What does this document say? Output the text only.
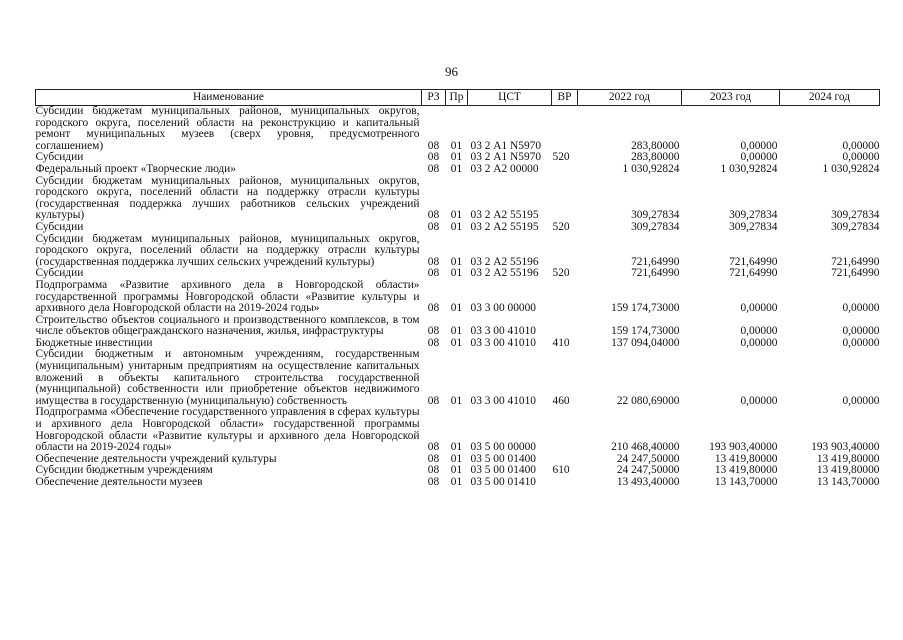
96
Наименование	РЗ	Пр	ЦСТ	ВР	2022 год	2023 год	2024 год
Субсидии бюджетам муниципальных районов, муниципальных округов, городского округа, поселений области на реконструкцию и капитальный ремонт муниципальных музеев (сверх уровня, предусмотренного соглашением)	08	01	03 2 А1 N5970		283,80000	0,00000	0,00000
Субсидии	08	01	03 2 А1 N5970	520	283,80000	0,00000	0,00000
Федеральный проект «Творческие люди»	08	01	03 2 А2 00000		1 030,92824	1 030,92824	1 030,92824
Субсидии бюджетам муниципальных районов, муниципальных округов, городского округа, поселений области на поддержку отрасли культуры (государственная поддержка лучших работников сельских учреждений культуры)	08	01	03 2 А2 55195		309,27834	309,27834	309,27834
Субсидии	08	01	03 2 А2 55195	520	309,27834	309,27834	309,27834
Субсидии бюджетам муниципальных районов, муниципальных округов, городского округа, поселений области на поддержку отрасли культуры (государственная поддержка лучших сельских учреждений культуры)	08	01	03 2 А2 55196		721,64990	721,64990	721,64990
Субсидии	08	01	03 2 А2 55196	520	721,64990	721,64990	721,64990
Подпрограмма «Развитие архивного дела в Новгородской области» государственной программы Новгородской области «Развитие культуры и архивного дела Новгородской области на 2019-2024 годы»	08	01	03 3 00 00000		159 174,73000	0,00000	0,00000
Строительство объектов социального и производственного комплексов, в том числе объектов общегражданского назначения, жилья, инфраструктуры	08	01	03 3 00 41010		159 174,73000	0,00000	0,00000
Бюджетные инвестиции	08	01	03 3 00 41010	410	137 094,04000	0,00000	0,00000
Субсидии бюджетным и автономным учреждениям, государственным (муниципальным) унитарным предприятиям на осуществление капитальных вложений в объекты капитального строительства государственной (муниципальной) собственности или приобретение объектов недвижимого имущества в государственную (муниципальную) собственность	08	01	03 3 00 41010	460	22 080,69000	0,00000	0,00000
Подпрограмма «Обеспечение государственного управления в сферах культуры и архивного дела Новгородской области» государственной программы Новгородской области «Развитие культуры и архивного дела Новгородской области на 2019-2024 годы»	08	01	03 5 00 00000		210 468,40000	193 903,40000	193 903,40000
Обеспечение деятельности учреждений культуры	08	01	03 5 00 01400		24 247,50000	13 419,80000	13 419,80000
Субсидии бюджетным учреждениям	08	01	03 5 00 01400	610	24 247,50000	13 419,80000	13 419,80000
Обеспечение деятельности музеев	08	01	03 5 00 01410		13 493,40000	13 143,70000	13 143,70000
